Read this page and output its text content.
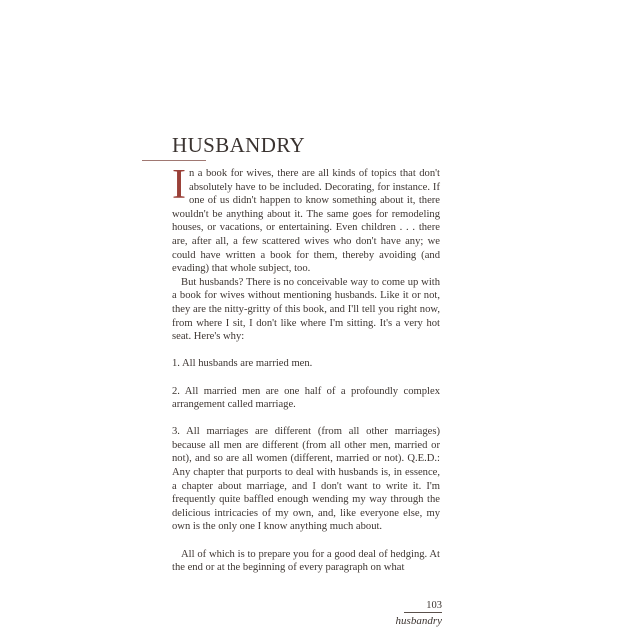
HUSBANDRY

In a book for wives, there are all kinds of topics that don't absolutely have to be included. Decorating, for instance. If one of us didn't happen to know something about it, there wouldn't be anything about it. The same goes for remodeling houses, or vacations, or entertaining. Even children . . . there are, after all, a few scattered wives who don't have any; we could have written a book for them, thereby avoiding (and evading) that whole subject, too.

But husbands? There is no conceivable way to come up with a book for wives without mentioning husbands. Like it or not, they are the nitty-gritty of this book, and I'll tell you right now, from where I sit, I don't like where I'm sitting. It's a very hot seat. Here's why:

1. All husbands are married men.

2. All married men are one half of a profoundly complex arrangement called marriage.

3. All marriages are different (from all other marriages) because all men are different (from all other men, married or not), and so are all women (different, married or not). Q.E.D.: Any chapter that purports to deal with husbands is, in essence, a chapter about marriage, and I don't want to write it. I'm frequently quite baffled enough wending my way through the delicious intricacies of my own, and, like everyone else, my own is the only one I know anything much about.

All of which is to prepare you for a good deal of hedging. At the end or at the beginning of every paragraph on what

103
husbandry
